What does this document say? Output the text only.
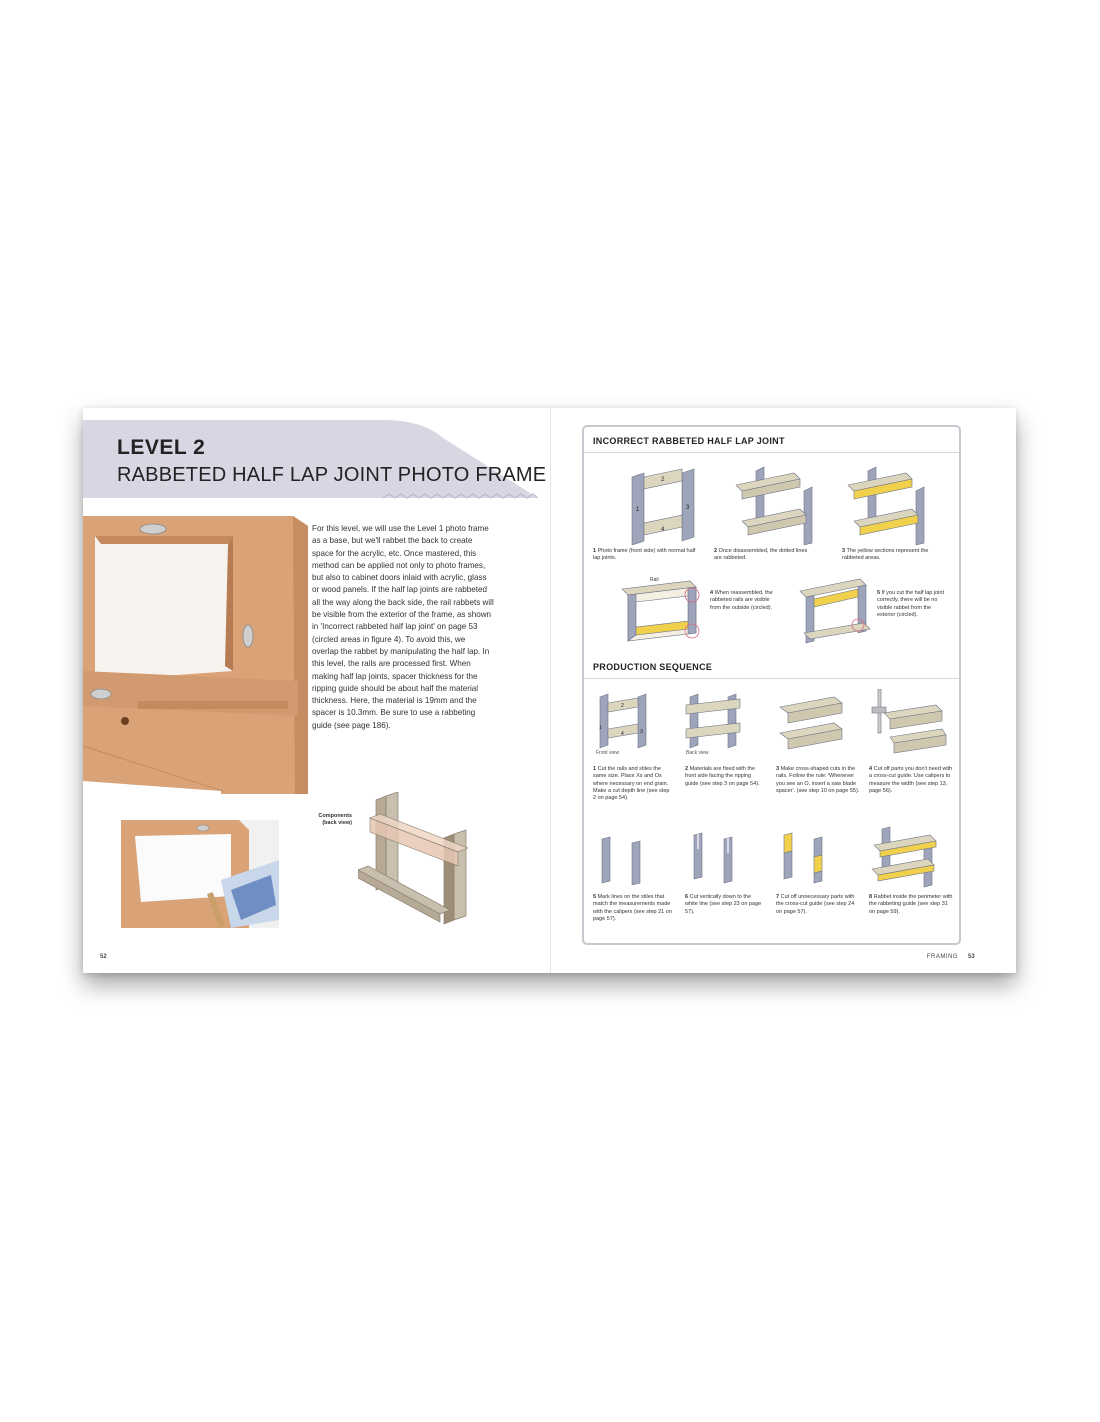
LEVEL 2
RABBETED HALF LAP JOINT PHOTO FRAME

For this level, we will use the Level 1 photo frame as a base, but we'll rabbet the back to create space for the acrylic, etc. Once mastered, this method can be applied not only to photo frames, but also to cabinet doors inlaid with acrylic, glass or wood panels. If the half lap joints are rabbeted all the way along the back side, the rail rabbets will be visible from the exterior of the frame, as shown in 'Incorrect rabbeted half lap joint' on page 53 (circled areas in figure 4). To avoid this, we overlap the rabbet by manipulating the half lap. In this level, the rails are processed first. When making half lap joints, spacer thickness for the ripping guide should be about half the material thickness. Here, the material is 19mm and the spacer is 10.3mm. Be sure to use a rabbeting guide (see page 186).

Components (back view)
52
INCORRECT RABBETED HALF LAP JOINT
1
2
3
4
1 Photo frame (front side) with normal half lap joints.
2 Once disassembled, the dotted lines are rabbeted.
3 The yellow sections represent the rabbeted areas.
Rail
4 When reassembled, the rabbeted rails are visible from the outside (circled).
5 If you cut the half lap joint correctly, there will be no visible rabbet from the exterior (circled).
PRODUCTION SEQUENCE
1
2
3
4
Front view	Back view
1 Cut the rails and stiles the same size. Place Xs and Os where necessary on end grain. Make a cut depth line (see step 2 on page 54).
2 Materials are fixed with the front side facing the ripping guide (see step 3 on page 54).
3 Make cross-shaped cuts in the rails. Follow the rule: 'Whenever you see an O, insert a saw blade spacer'. (see step 10 on page 55).
4 Cut off parts you don't need with a cross-cut guide. Use calipers to measure the width (see step 13, page 56).
5 Mark lines on the stiles that match the measurements made with the calipers (see step 21 on page 57).
6 Cut vertically down to the white line (see step 23 on page 57).
7 Cut off unnecessary parts with the cross-cut guide (see step 24 on page 57).
8 Rabbet inside the perimeter with the rabbeting guide (see step 31 on page 59).
FRAMING 53
